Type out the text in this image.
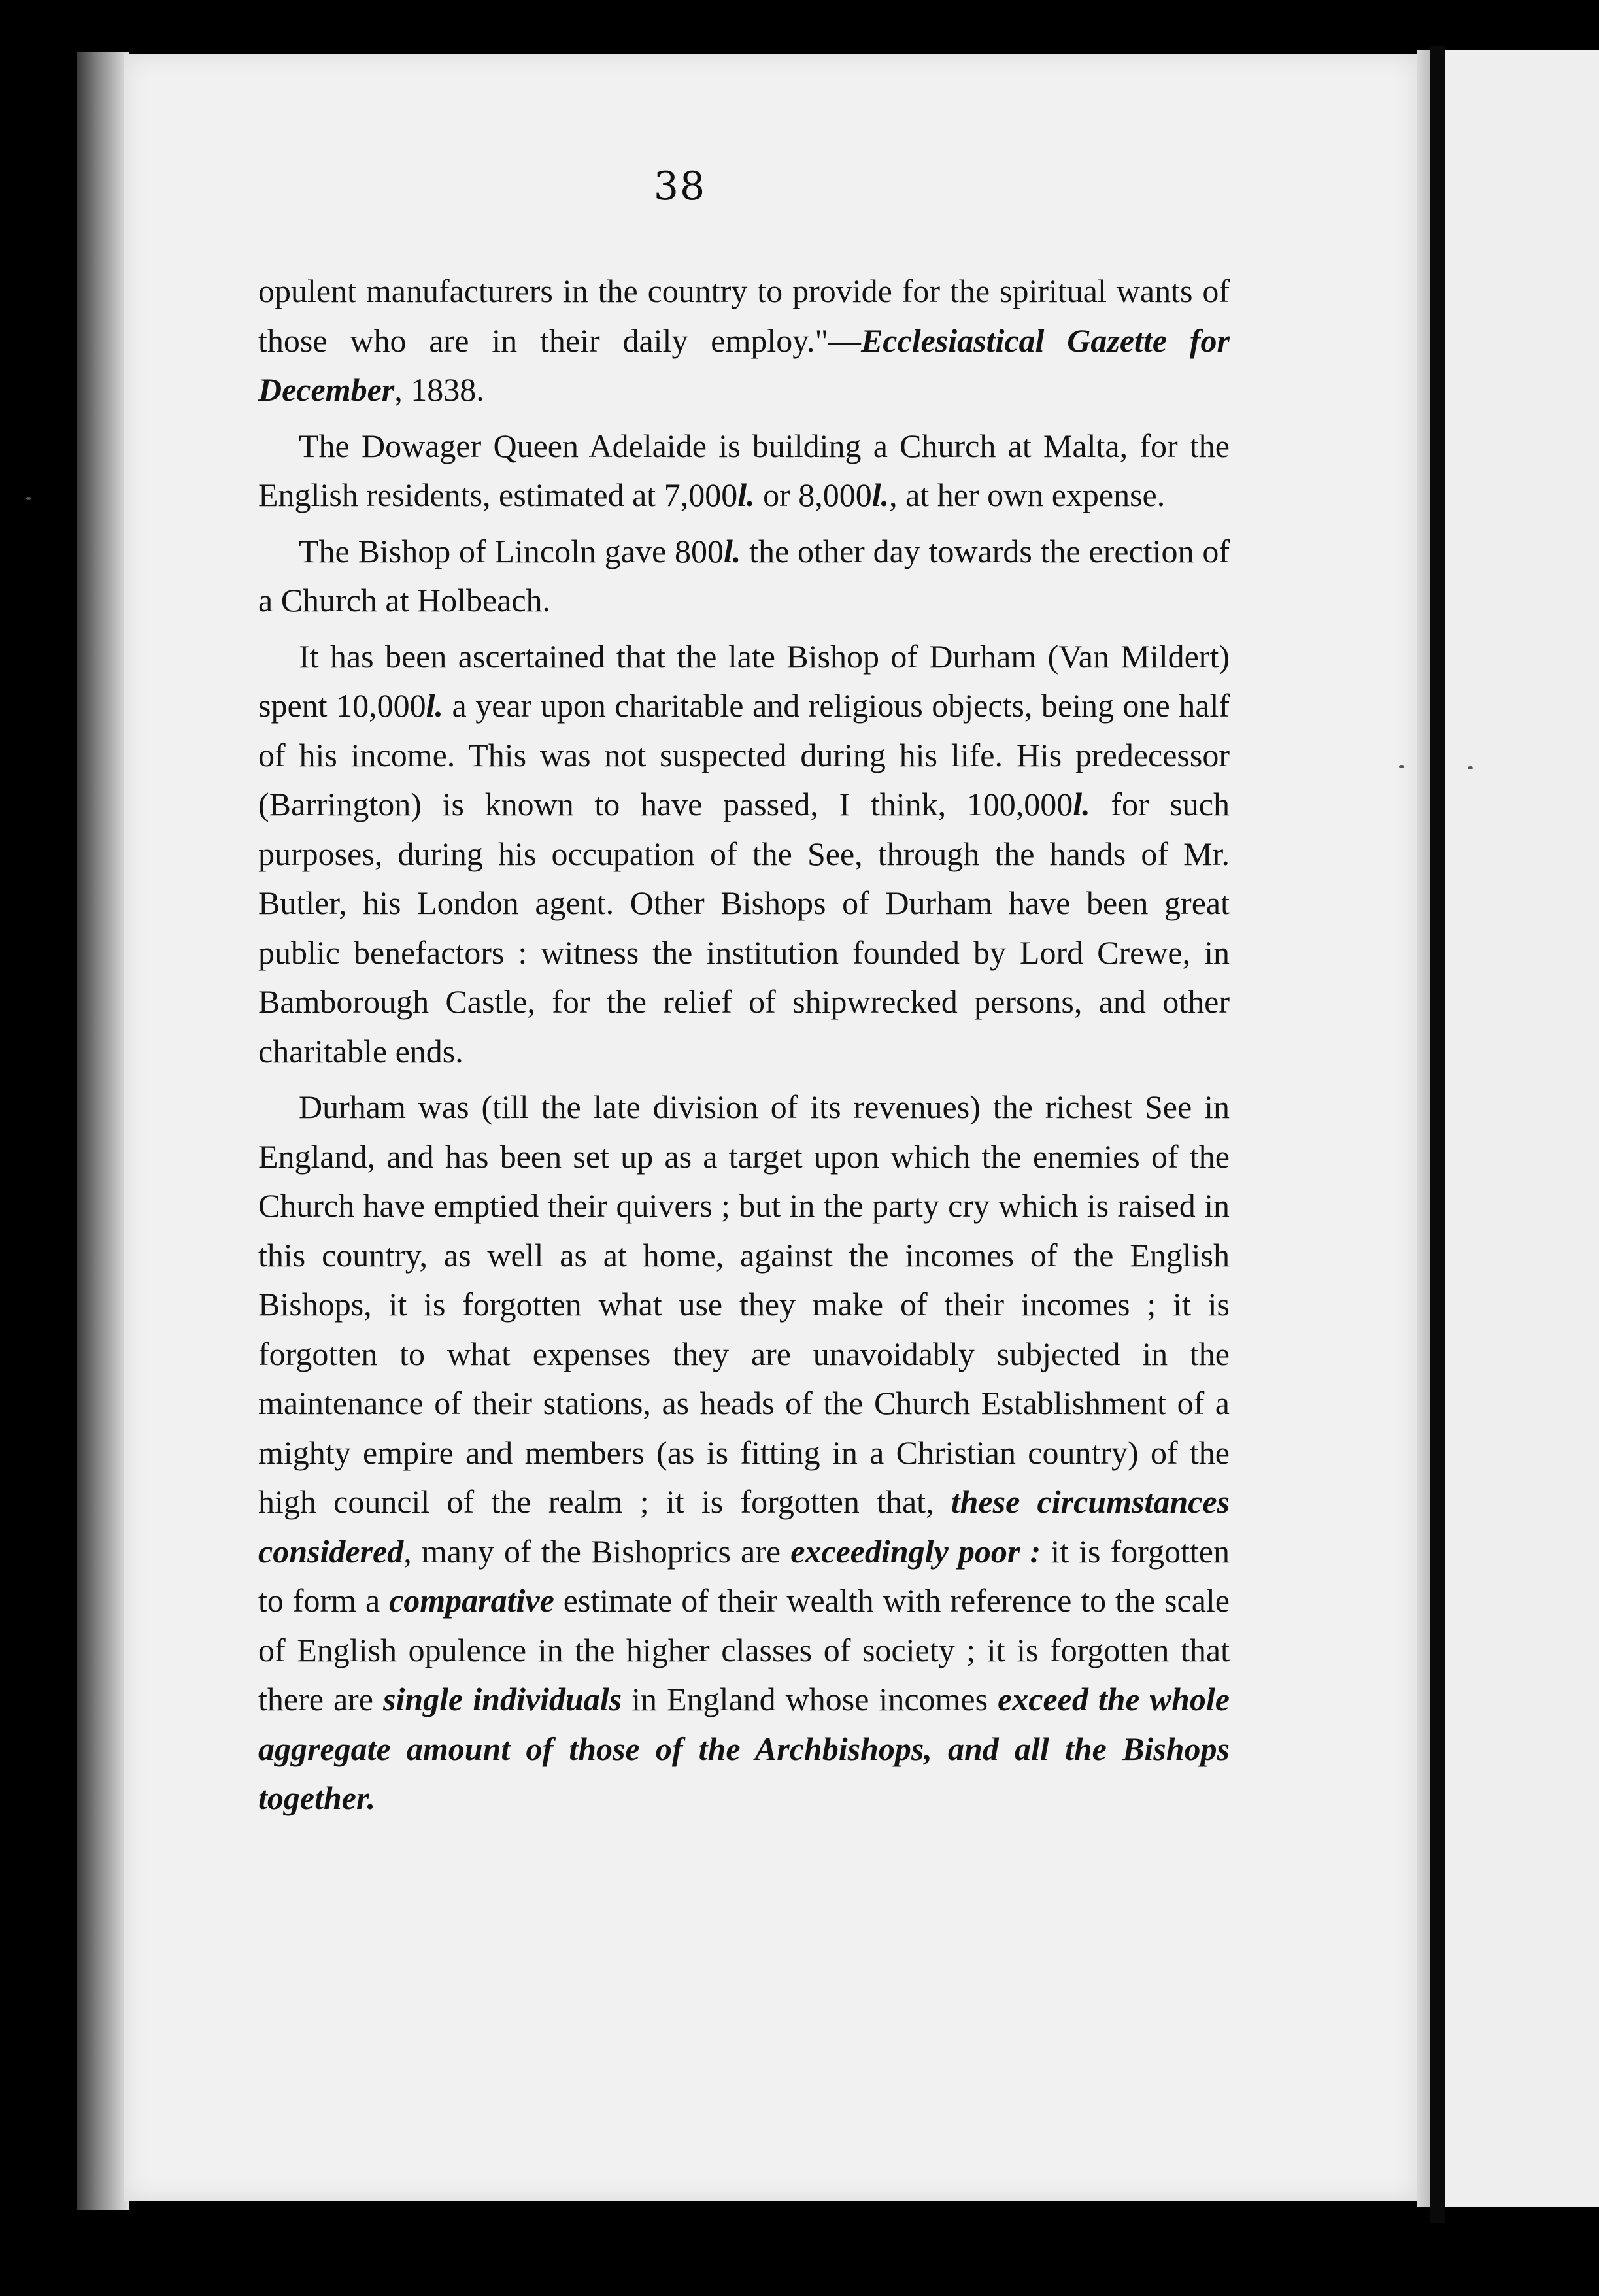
38

opulent manufacturers in the country to provide for the spiritual wants of those who are in their daily employ."—Ecclesiastical Gazette for December, 1838.

The Dowager Queen Adelaide is building a Church at Malta, for the English residents, estimated at 7,000l. or 8,000l., at her own expense.

The Bishop of Lincoln gave 800l. the other day towards the erection of a Church at Holbeach.

It has been ascertained that the late Bishop of Durham (Van Mildert) spent 10,000l. a year upon charitable and religious objects, being one half of his income. This was not suspected during his life. His predecessor (Barrington) is known to have passed, I think, 100,000l. for such purposes, during his occupation of the See, through the hands of Mr. Butler, his London agent. Other Bishops of Durham have been great public benefactors : witness the institution founded by Lord Crewe, in Bamborough Castle, for the relief of shipwrecked persons, and other charitable ends.

Durham was (till the late division of its revenues) the richest See in England, and has been set up as a target upon which the enemies of the Church have emptied their quivers ; but in the party cry which is raised in this country, as well as at home, against the incomes of the English Bishops, it is forgotten what use they make of their incomes ; it is forgotten to what expenses they are unavoidably subjected in the maintenance of their stations, as heads of the Church Establishment of a mighty empire and members (as is fitting in a Christian country) of the high council of the realm ; it is forgotten that, these circumstances considered, many of the Bishoprics are exceedingly poor : it is forgotten to form a comparative estimate of their wealth with reference to the scale of English opulence in the higher classes of society ; it is forgotten that there are single individuals in England whose incomes exceed the whole aggregate amount of those of the Archbishops, and all the Bishops together.
